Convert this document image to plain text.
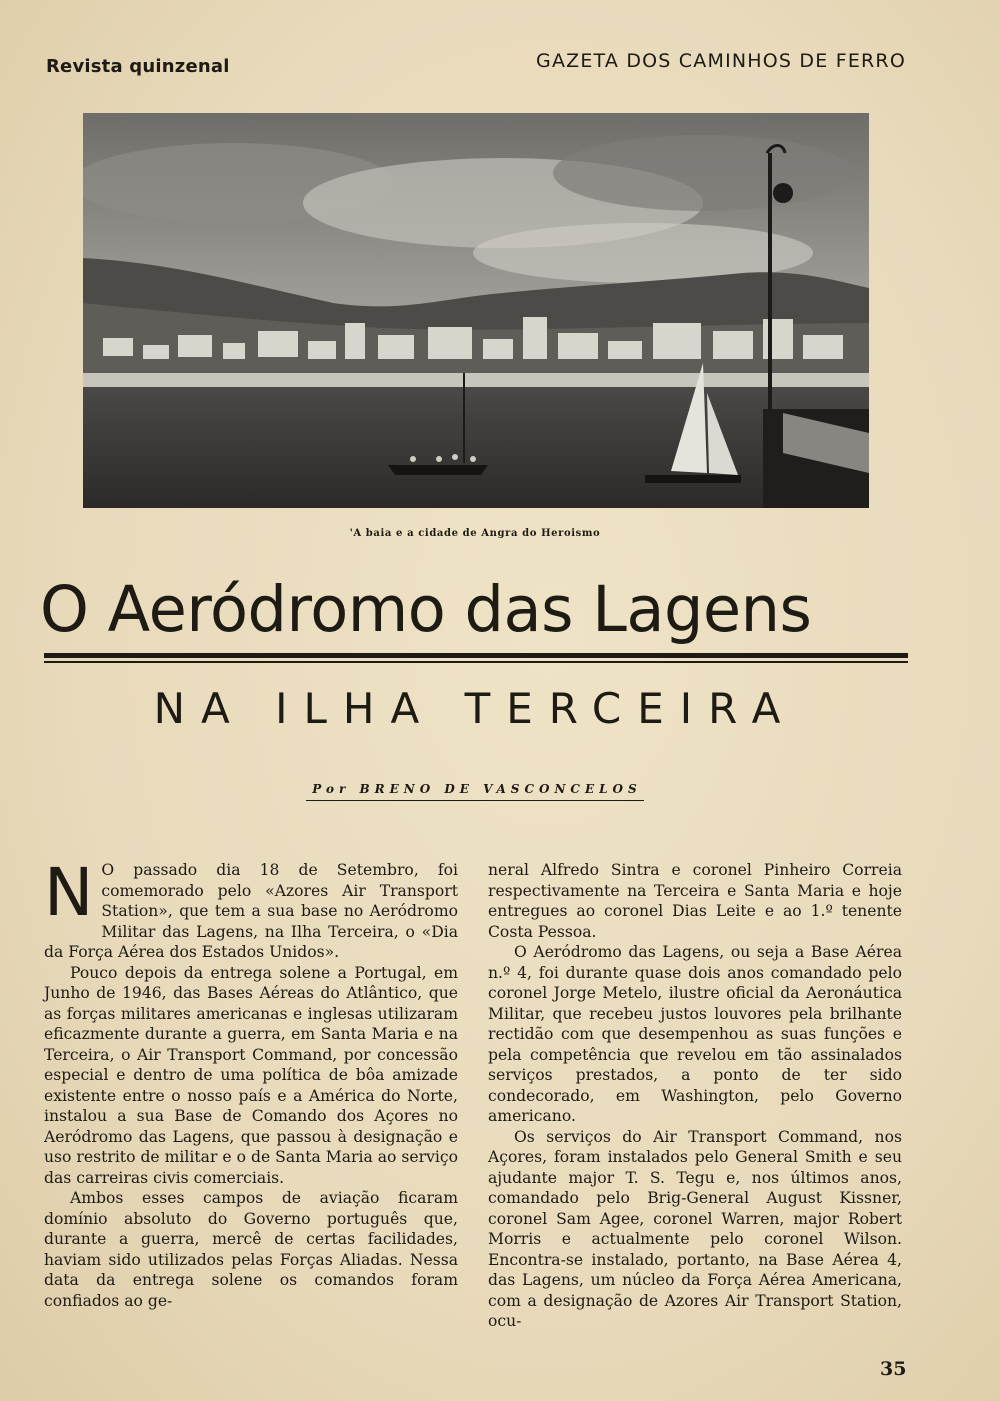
Revista quinzenal	GAZETA DOS CAMINHOS DE FERRO
'A baia e a cidade de Angra do Heroismo
O Aeródromo das Lagens
NA ILHA TERCEIRA
Por BRENO DE VASCONCELOS

N O passado dia 18 de Setembro, foi comemorado pelo «Azores Air Transport Station», que tem a sua base no Aeródromo Militar das Lagens, na Ilha Terceira, o «Dia da Força Aérea dos Estados Unidos».

Pouco depois da entrega solene a Portugal, em Junho de 1946, das Bases Aéreas do Atlântico, que as forças militares americanas e inglesas utilizaram eficazmente durante a guerra, em Santa Maria e na Terceira, o Air Transport Command, por concessão especial e dentro de uma política de bôa amizade existente entre o nosso país e a América do Norte, instalou a sua Base de Comando dos Açores no Aeródromo das Lagens, que passou à designação e uso restrito de militar e o de Santa Maria ao serviço das carreiras civis comerciais.

Ambos esses campos de aviação ficaram domínio absoluto do Governo português que, durante a guerra, mercê de certas facilidades, haviam sido utilizados pelas Forças Aliadas. Nessa data da entrega solene os comandos foram confiados ao ge-

neral Alfredo Sintra e coronel Pinheiro Correia respectivamente na Terceira e Santa Maria e hoje entregues ao coronel Dias Leite e ao 1.º tenente Costa Pessoa.

O Aeródromo das Lagens, ou seja a Base Aérea n.º 4, foi durante quase dois anos comandado pelo coronel Jorge Metelo, ilustre oficial da Aeronáutica Militar, que recebeu justos louvores pela brilhante rectidão com que desempenhou as suas funções e pela competência que revelou em tão assinalados serviços prestados, a ponto de ter sido condecorado, em Washington, pelo Governo americano.

Os serviços do Air Transport Command, nos Açores, foram instalados pelo General Smith e seu ajudante major T. S. Tegu e, nos últimos anos, comandado pelo Brig-General August Kissner, coronel Sam Agee, coronel Warren, major Robert Morris e actualmente pelo coronel Wilson. Encontra-se instalado, portanto, na Base Aérea 4, das Lagens, um núcleo da Força Aérea Americana, com a designação de Azores Air Transport Station, ocu-

35
